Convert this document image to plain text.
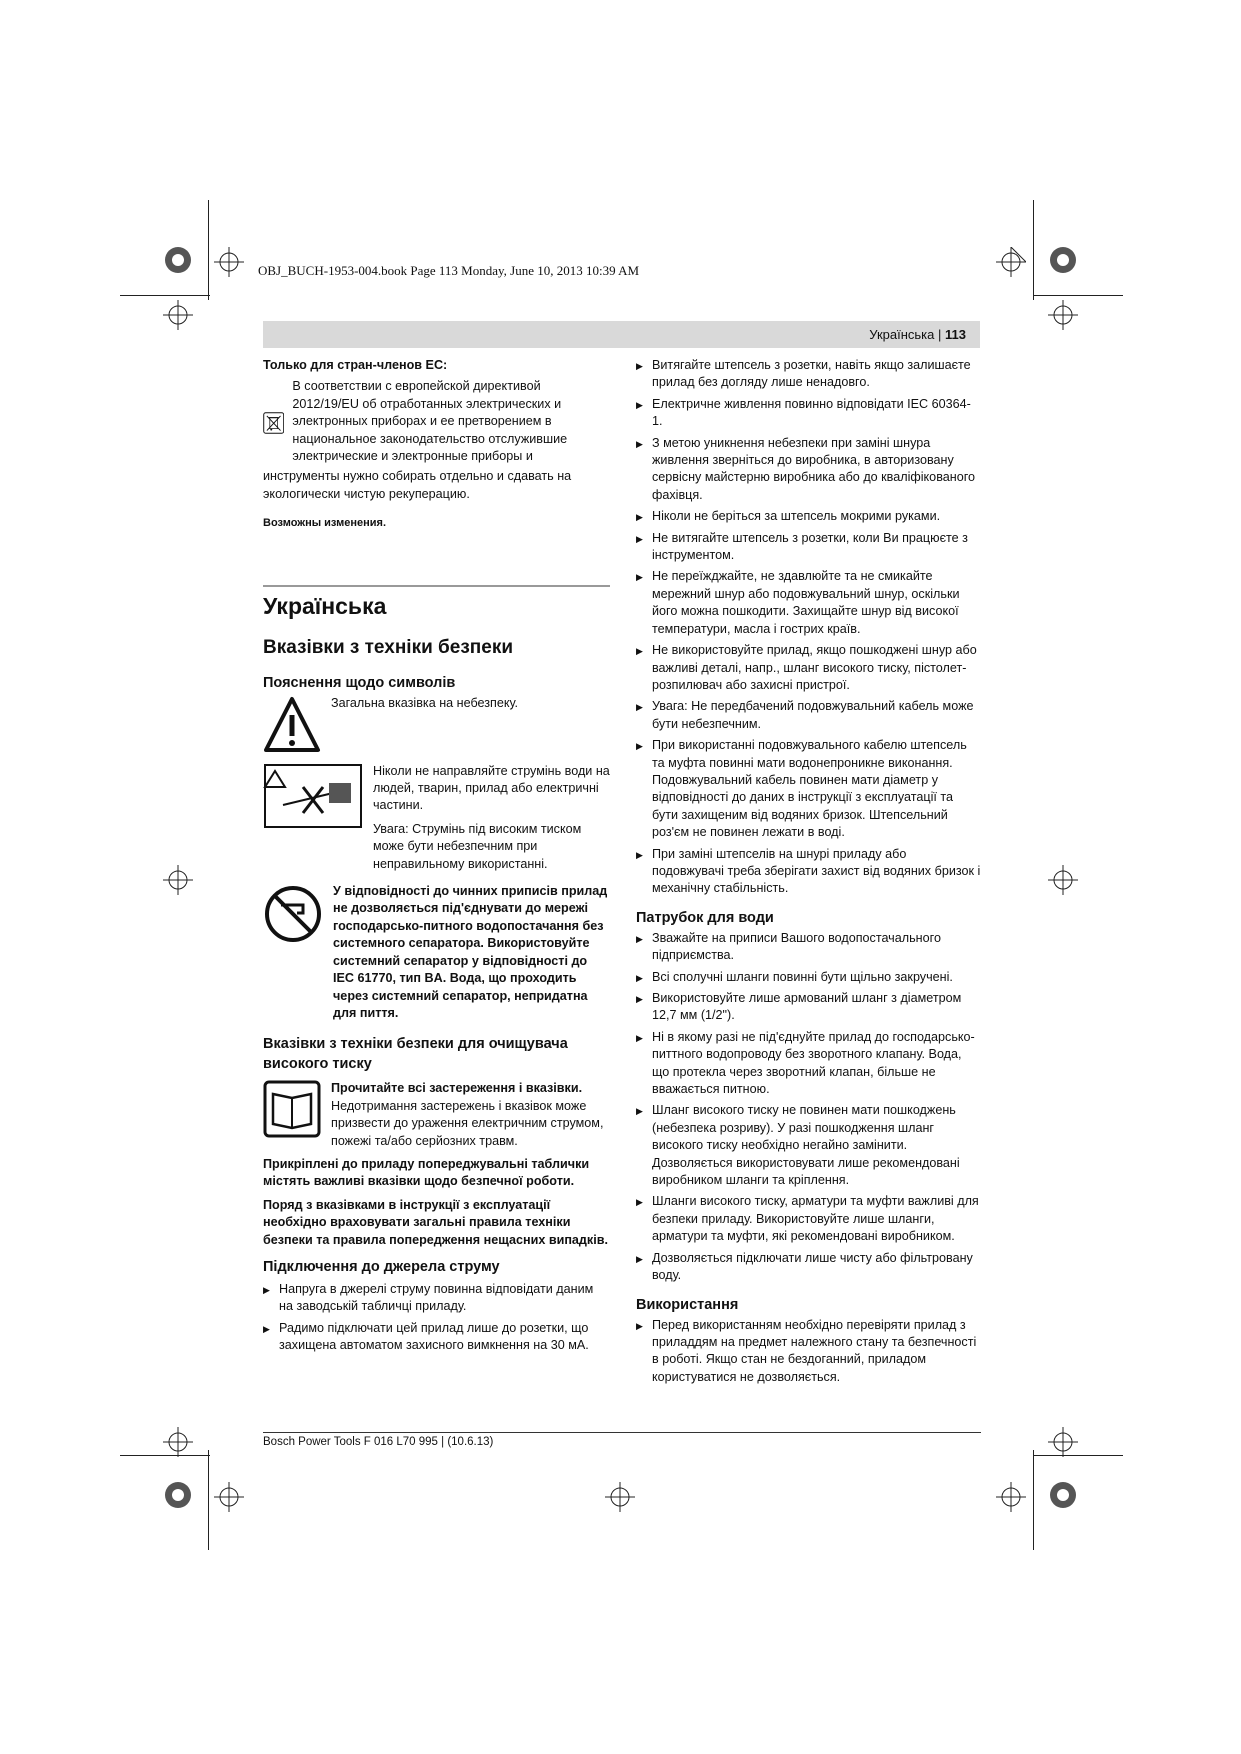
OBJ_BUCH-1953-004.book Page 113 Monday, June 10, 2013 10:39 AM
Українська | 113

Только для стран-членов ЕС:

В соответствии с европейской директивой 2012/19/EU об отработанных электрических и электронных приборах и ее претворением в национальное законодательство отслужившие электрические и электронные приборы и

инструменты нужно собирать отдельно и сдавать на экологически чистую рекуперацию.

Возможны изменения.

Українська

Вказівки з техніки безпеки

Пояснення щодо символів

Загальна вказівка на небезпеку.

Ніколи не направляйте струмінь води на людей, тварин, прилад або електричні частини.

Увага: Струмінь під високим тиском може бути небезпечним при неправильному використанні.

У відповідності до чинних приписів прилад не дозволяється під'єднувати до мережі господарсько-питного водопостачання без системного сепаратора. Використовуйте системний сепаратор у відповідності до IEC 61770, тип BA. Вода, що проходить через системний сепаратор, непридатна для пиття.

Вказівки з техніки безпеки для очищувача високого тиску

Прочитайте всі застереження і вказівки. Недотримання застережень і вказівок може призвести до ураження електричним струмом, пожежі та/або серйозних травм.

Прикріплені до приладу попереджувальні таблички містять важливі вказівки щодо безпечної роботи.

Поряд з вказівками в інструкції з експлуатації необхідно враховувати загальні правила техніки безпеки та правила попередження нещасних випадків.

Підключення до джерела струму

▶ Напруга в джерелі струму повинна відповідати даним на заводській табличці приладу.
▶ Радимо підключати цей прилад лише до розетки, що захищена автоматом захисного вимкнення на 30 мА.
▶ Витягайте штепсель з розетки, навіть якщо залишаєте прилад без догляду лише ненадовго.
▶ Електричне живлення повинно відповідати IEC 60364-1.
▶ З метою уникнення небезпеки при заміні шнура живлення зверніться до виробника, в авторизовану сервісну майстерню виробника або до кваліфікованого фахівця.
▶ Ніколи не беріться за штепсель мокрими руками.
▶ Не витягайте штепсель з розетки, коли Ви працюєте з інструментом.
▶ Не переїжджайте, не здавлюйте та не смикайте мережний шнур або подовжувальний шнур, оскільки його можна пошкодити. Захищайте шнур від високої температури, масла і гострих країв.
▶ Не використовуйте прилад, якщо пошкоджені шнур або важливі деталі, напр., шланг високого тиску, пістолет-розпилювач або захисні пристрої.
▶ Увага: Не передбачений подовжувальний кабель може бути небезпечним.
▶ При використанні подовжувального кабелю штепсель та муфта повинні мати водонепроникне виконання. Подовжувальний кабель повинен мати діаметр у відповідності до даних в інструкції з експлуатації та бути захищеним від водяних бризок. Штепсельний роз'єм не повинен лежати в воді.
▶ При заміні штепселів на шнурі приладу або подовжувачі треба зберігати захист від водяних бризок і механічну стабільність.

Патрубок для води

▶ Зважайте на приписи Вашого водопостачального підприємства.
▶ Всі сполучні шланги повинні бути щільно закручені.
▶ Використовуйте лише армований шланг з діаметром 12,7 мм (1/2").
▶ Ні в якому разі не під'єднуйте прилад до господарсько-питтного водопроводу без зворотного клапану. Вода, що протекла через зворотний клапан, більше не вважається питною.
▶ Шланг високого тиску не повинен мати пошкоджень (небезпека розриву). У разі пошкодження шланг високого тиску необхідно негайно замінити. Дозволяється використовувати лише рекомендовані виробником шланги та кріплення.
▶ Шланги високого тиску, арматури та муфти важливі для безпеки приладу. Використовуйте лише шланги, арматури та муфти, які рекомендовані виробником.
▶ Дозволяється підключати лише чисту або фільтровану воду.

Використання

▶ Перед використанням необхідно перевіряти прилад з приладдям на предмет належного стану та безпечності в роботі. Якщо стан не бездоганний, приладом користуватися не дозволяється.
Bosch Power Tools F 016 L70 995 | (10.6.13)
